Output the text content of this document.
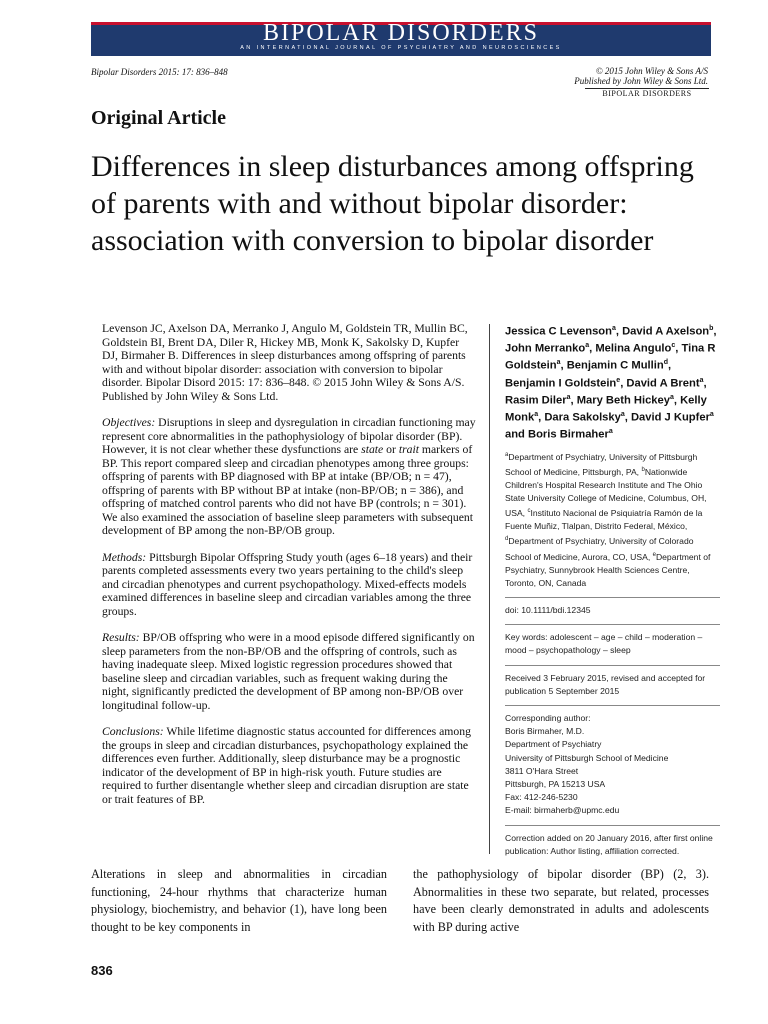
BIPOLAR DISORDERS
AN INTERNATIONAL JOURNAL OF PSYCHIATRY AND NEUROSCIENCES
Bipolar Disorders 2015: 17: 836–848	© 2015 John Wiley & Sons A/S
Published by John Wiley & Sons Ltd.
BIPOLAR DISORDERS
Original Article
Differences in sleep disturbances among offspring of parents with and without bipolar disorder: association with conversion to bipolar disorder

Levenson JC, Axelson DA, Merranko J, Angulo M, Goldstein TR, Mullin BC, Goldstein BI, Brent DA, Diler R, Hickey MB, Monk K, Sakolsky D, Kupfer DJ, Birmaher B. Differences in sleep disturbances among offspring of parents with and without bipolar disorder: association with conversion to bipolar disorder. Bipolar Disord 2015: 17: 836–848. © 2015 John Wiley & Sons A/S. Published by John Wiley & Sons Ltd.

Objectives: Disruptions in sleep and dysregulation in circadian functioning may represent core abnormalities in the pathophysiology of bipolar disorder (BP). However, it is not clear whether these dysfunctions are state or trait markers of BP. This report compared sleep and circadian phenotypes among three groups: offspring of parents with BP diagnosed with BP at intake (BP/OB; n = 47), offspring of parents with BP without BP at intake (non-BP/OB; n = 386), and offspring of matched control parents who did not have BP (controls; n = 301). We also examined the association of baseline sleep parameters with subsequent development of BP among the non-BP/OB group.

Methods: Pittsburgh Bipolar Offspring Study youth (ages 6–18 years) and their parents completed assessments every two years pertaining to the child's sleep and circadian phenotypes and current psychopathology. Mixed-effects models examined differences in baseline sleep and circadian variables among the three groups.

Results: BP/OB offspring who were in a mood episode differed significantly on sleep parameters from the non-BP/OB and the offspring of controls, such as having inadequate sleep. Mixed logistic regression procedures showed that baseline sleep and circadian variables, such as frequent waking during the night, significantly predicted the development of BP among non-BP/OB over longitudinal follow-up.

Conclusions: While lifetime diagnostic status accounted for differences among the groups in sleep and circadian disturbances, psychopathology explained the differences even further. Additionally, sleep disturbance may be a prognostic indicator of the development of BP in high-risk youth. Future studies are required to further disentangle whether sleep and circadian disruption are state or trait features of BP.

Jessica C Levenson$^a$, David A Axelson$^b$, John Merranko$^a$, Melina Angulo$^c$, Tina R Goldstein$^a$, Benjamin C Mullin$^d$, Benjamin I Goldstein$^e$, David A Brent$^a$, Rasim Diler$^a$, Mary Beth Hickey$^a$, Kelly Monk$^a$, Dara Sakolsky$^a$, David J Kupfer$^a$ and Boris Birmaher$^a$

$^a$Department of Psychiatry, University of Pittsburgh School of Medicine, Pittsburgh, PA, $^b$Nationwide Children's Hospital Research Institute and The Ohio State University College of Medicine, Columbus, OH, USA, $^c$Instituto Nacional de Psiquiatría Ramón de la Fuente Muñiz, Tlalpan, Distrito Federal, México, $^d$Department of Psychiatry, University of Colorado School of Medicine, Aurora, CO, USA, $^e$Department of Psychiatry, Sunnybrook Health Sciences Centre, Toronto, ON, Canada

doi: 10.1111/bdi.12345

Key words: adolescent – age – child – moderation – mood – psychopathology – sleep

Received 3 February 2015, revised and accepted for publication 5 September 2015

Corresponding author:

Boris Birmaher, M.D.

Department of Psychiatry

University of Pittsburgh School of Medicine

3811 O'Hara Street

Pittsburgh, PA 15213 USA

Fax: 412-246-5230

E-mail: birmaherb@upmc.edu

Correction added on 20 January 2016, after first online publication: Author listing, affiliation corrected.

Alterations in sleep and abnormalities in circadian functioning, 24-hour rhythms that characterize human physiology, biochemistry, and behavior (1), have long been thought to be key components in
the pathophysiology of bipolar disorder (BP) (2, 3). Abnormalities in these two separate, but related, processes have been clearly demonstrated in adults and adolescents with BP during active
836
